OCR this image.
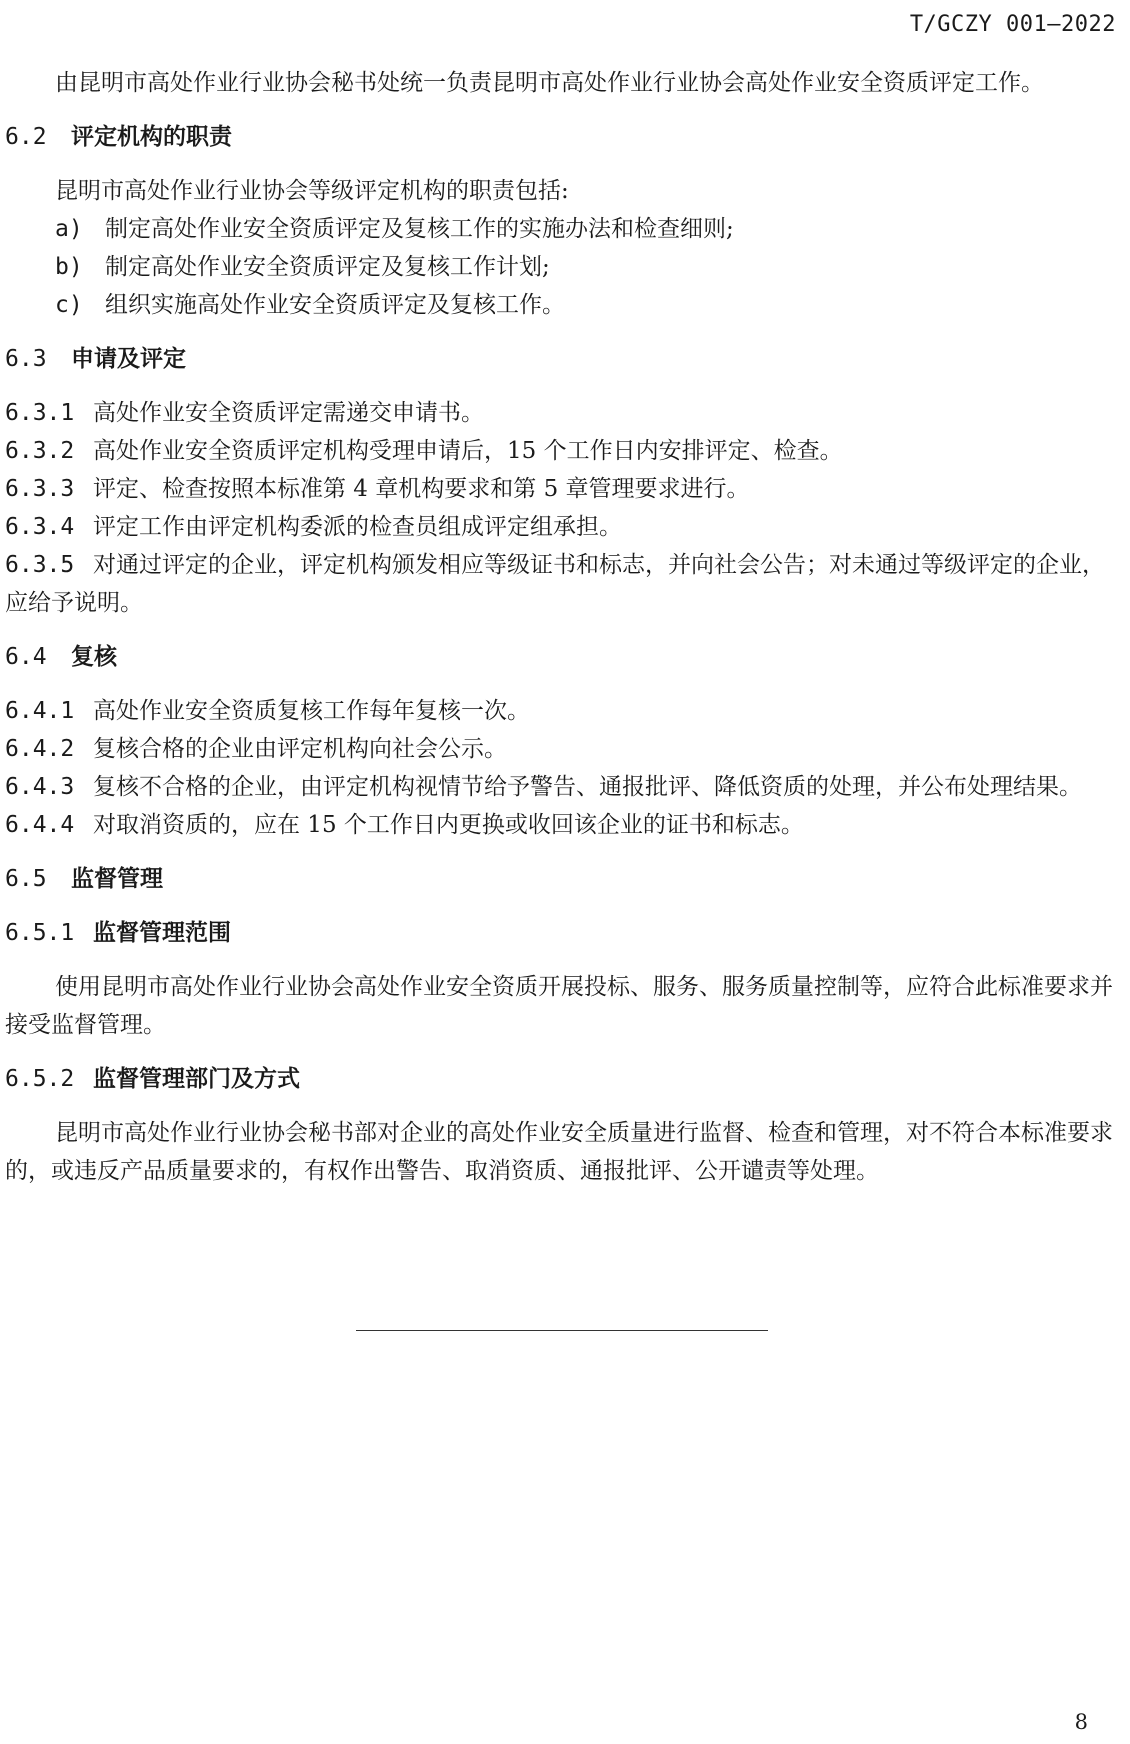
T/GCZY 001—2022

由昆明市高处作业行业协会秘书处统一负责昆明市高处作业行业协会高处作业安全资质评定工作。

6.2 评定机构的职责

昆明市高处作业行业协会等级评定机构的职责包括:

a) 制定高处作业安全资质评定及复核工作的实施办法和检查细则;
b) 制定高处作业安全资质评定及复核工作计划;
c) 组织实施高处作业安全资质评定及复核工作。
6.3 申请及评定

6.3.1 高处作业安全资质评定需递交申请书。

6.3.2 高处作业安全资质评定机构受理申请后，15 个工作日内安排评定、检查。

6.3.3 评定、检查按照本标准第 4 章机构要求和第 5 章管理要求进行。

6.3.4 评定工作由评定机构委派的检查员组成评定组承担。

6.3.5 对通过评定的企业，评定机构颁发相应等级证书和标志，并向社会公告；对未通过等级评定的企业，应给予说明。

6.4 复核

6.4.1 高处作业安全资质复核工作每年复核一次。

6.4.2 复核合格的企业由评定机构向社会公示。

6.4.3 复核不合格的企业，由评定机构视情节给予警告、通报批评、降低资质的处理，并公布处理结果。

6.4.4 对取消资质的，应在 15 个工作日内更换或收回该企业的证书和标志。

6.5 监督管理
6.5.1 监督管理范围

使用昆明市高处作业行业协会高处作业安全资质开展投标、服务、服务质量控制等，应符合此标准要求并接受监督管理。

6.5.2 监督管理部门及方式

昆明市高处作业行业协会秘书部对企业的高处作业安全质量进行监督、检查和管理，对不符合本标准要求的，或违反产品质量要求的，有权作出警告、取消资质、通报批评、公开谴责等处理。

8
